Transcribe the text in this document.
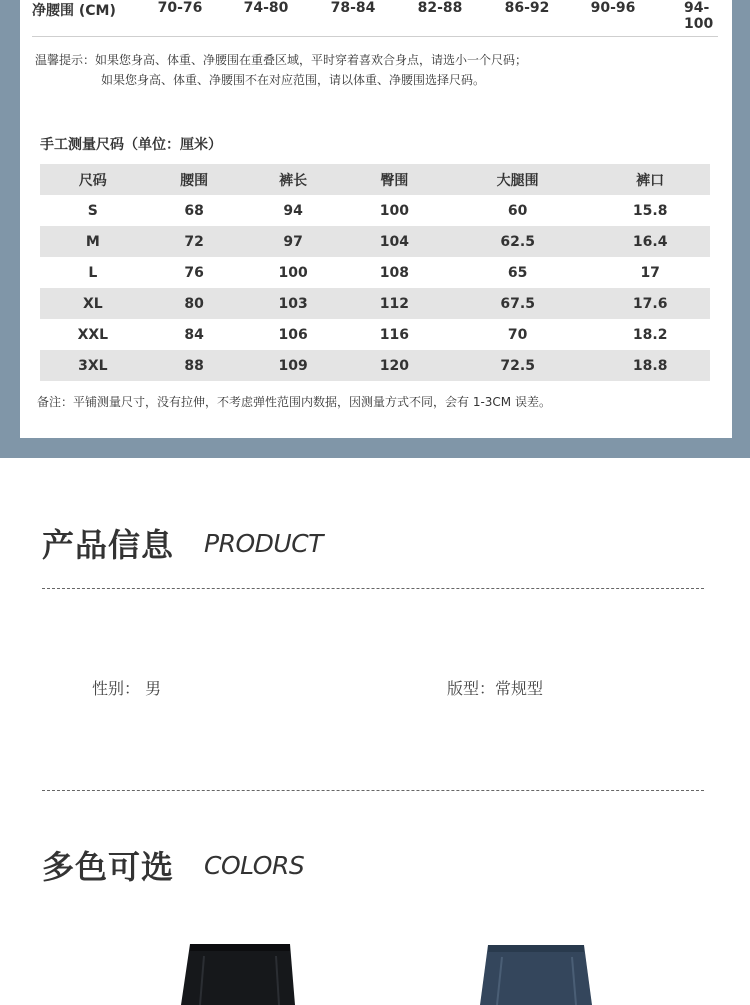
净腰围 (CM)	70-76	74-80	78-84	82-88	86-92	90-96	94-100
温馨提示：如果您身高、体重、净腰围在重叠区域，平时穿着喜欢合身点，请选小一个尺码；
如果您身高、体重、净腰围不在对应范围，请以体重、净腰围选择尺码。
手工测量尺码（单位：厘米）
尺码	腰围	裤长	臀围	大腿围	裤口
S	68	94	100	60	15.8
M	72	97	104	62.5	16.4
L	76	100	108	65	17
XL	80	103	112	67.5	17.6
XXL	84	106	116	70	18.2
3XL	88	109	120	72.5	18.8
备注：平铺测量尺寸，没有拉伸，不考虑弹性范围内数据，因测量方式不同，会有 1-3CM 误差。
产品信息 PRODUCT
性别： 男	版型：常规型
多色可选 COLORS
